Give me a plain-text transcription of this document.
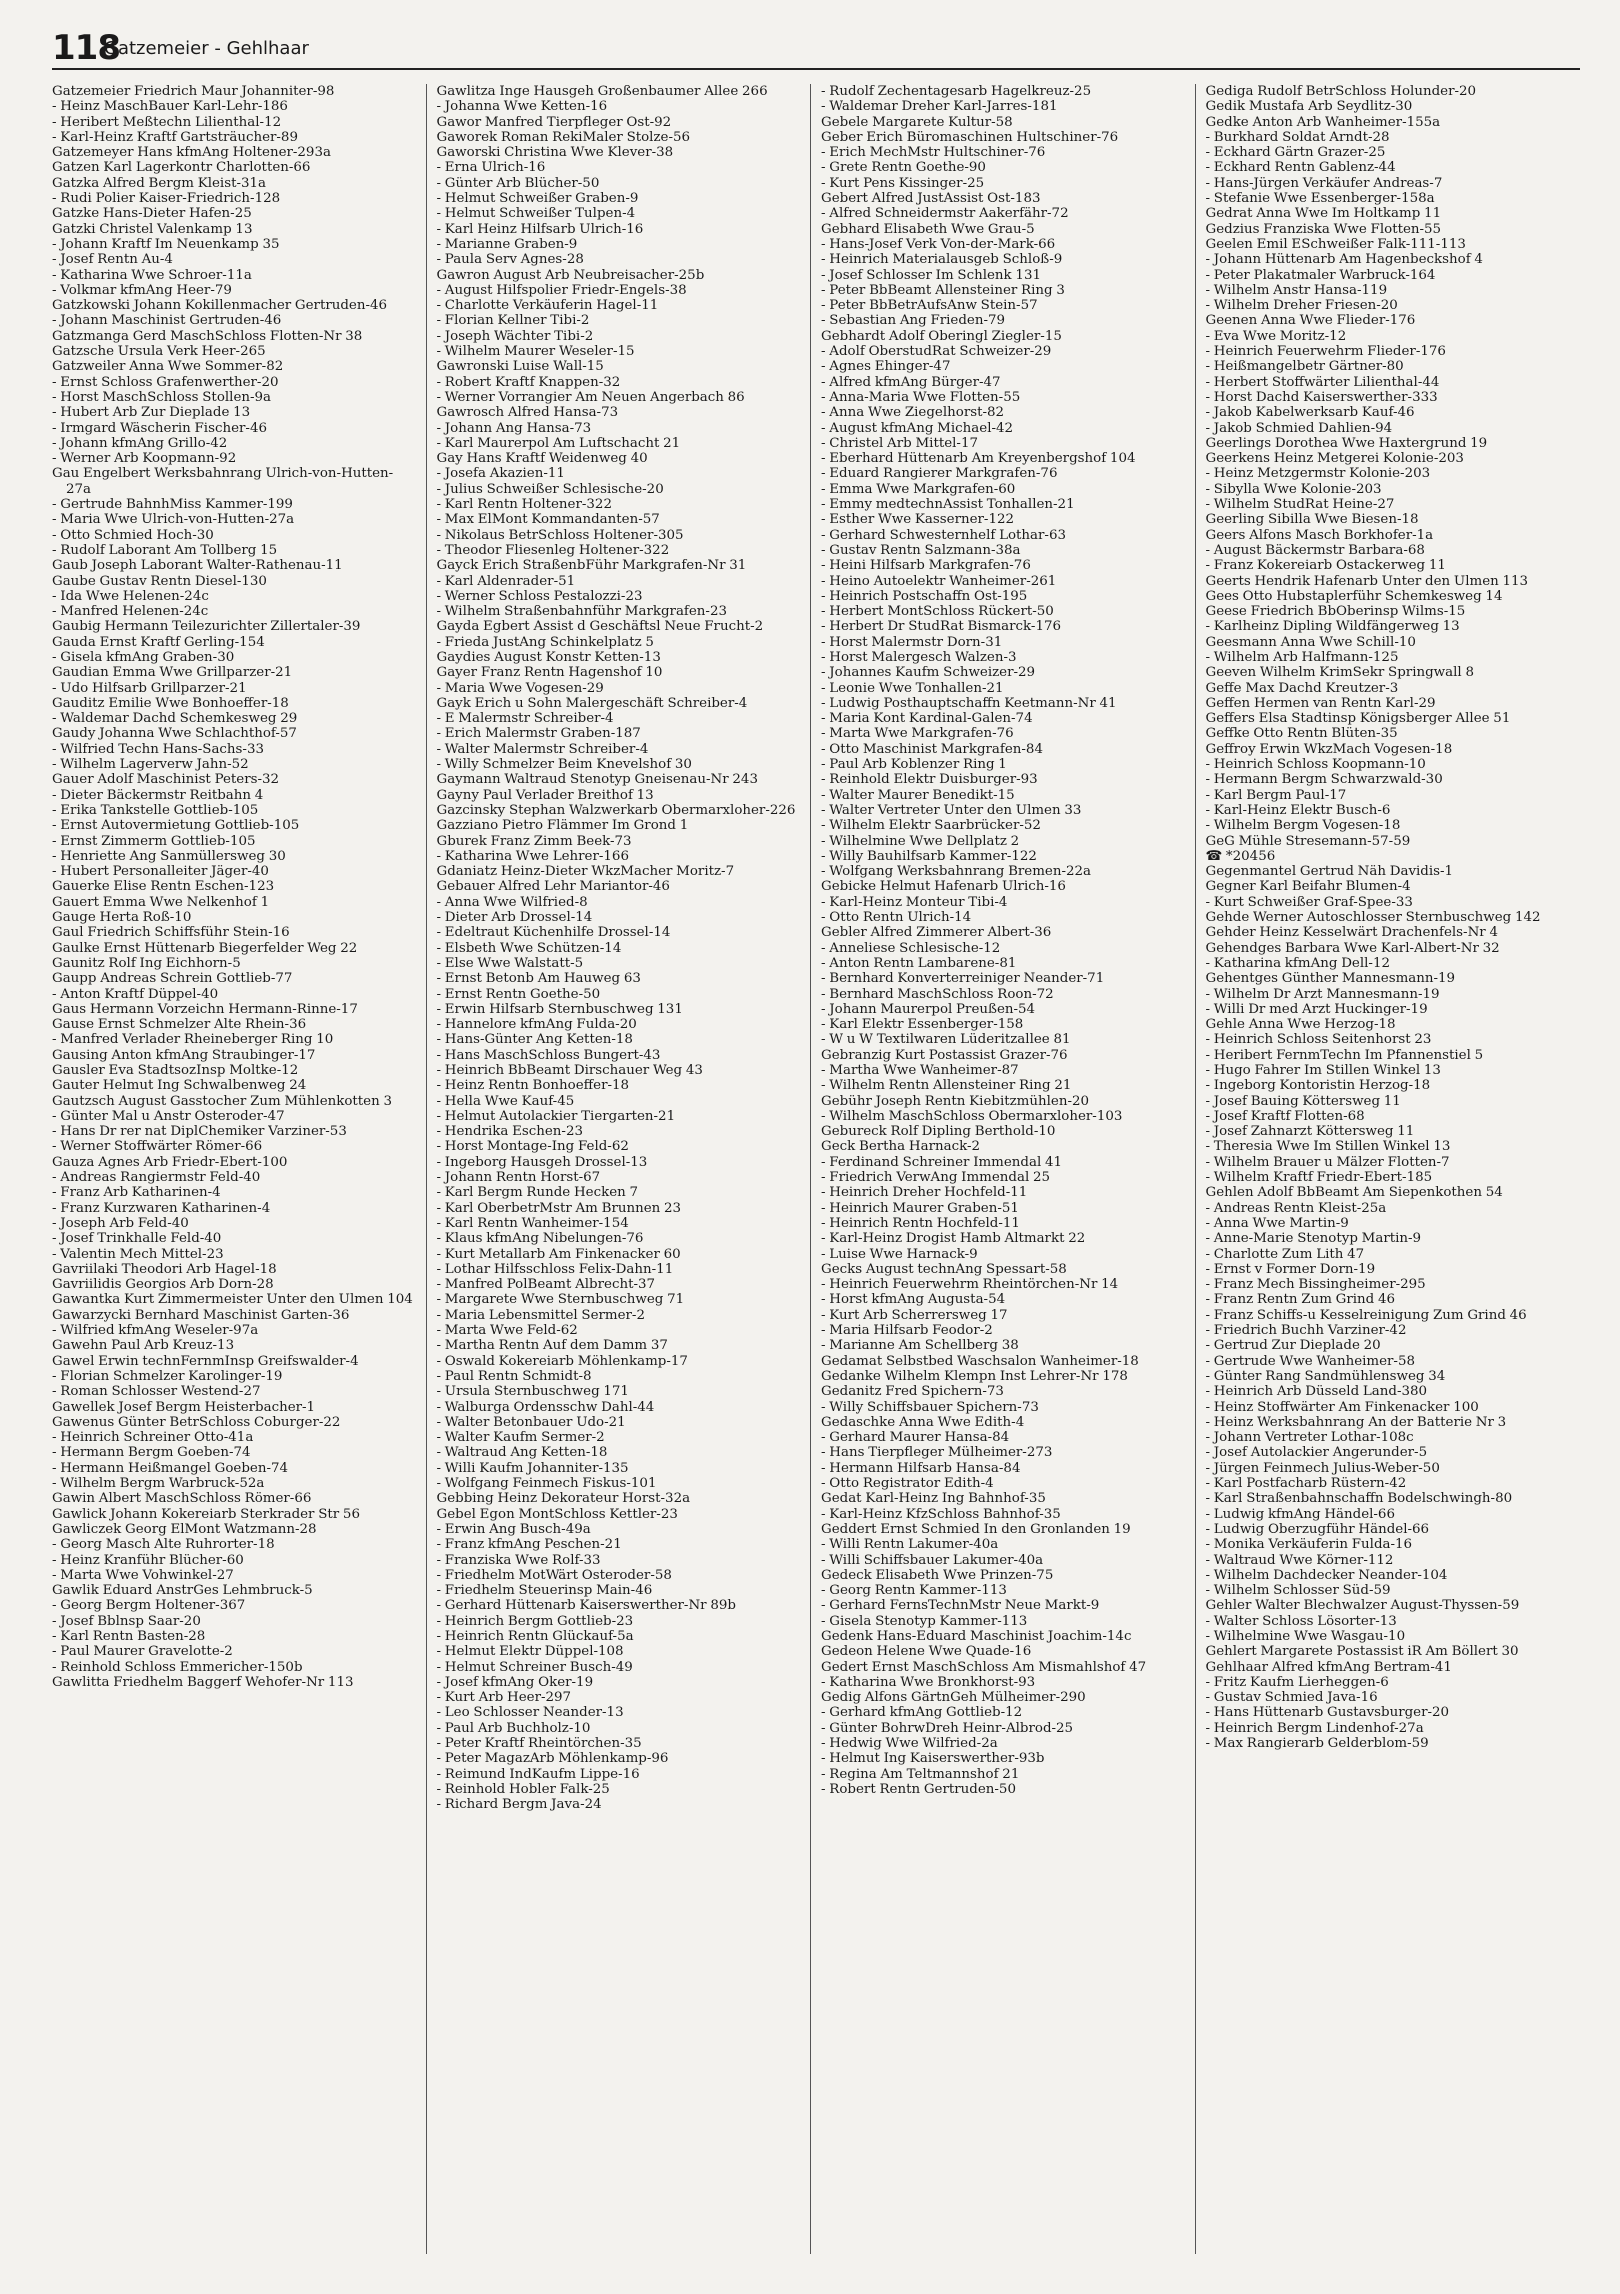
118
Gatzemeier - Gehlhaar
Gatzemeier Friedrich Maur Johanniter-98
- Heinz MaschBauer Karl-Lehr-186
- Heribert Meßtechn Lilienthal-12
- Karl-Heinz Kraftf Gartsträucher-89
Gatzemeyer Hans kfmAng Holtener-293a
Gatzen Karl Lagerkontr Charlotten-66
Gatzka Alfred Bergm Kleist-31a
- Rudi Polier Kaiser-Friedrich-128
Gatzke Hans-Dieter Hafen-25
Gatzki Christel Valenkamp 13
- Johann Kraftf Im Neuenkamp 35
- Josef Rentn Au-4
- Katharina Wwe Schroer-11a
- Volkmar kfmAng Heer-79
Gatzkowski Johann Kokillenmacher Gertruden-46
- Johann Maschinist Gertruden-46
Gatzmanga Gerd MaschSchloss Flotten-Nr 38
Gatzsche Ursula Verk Heer-265
Gatzweiler Anna Wwe Sommer-82
- Ernst Schloss Grafenwerther-20
- Horst MaschSchloss Stollen-9a
- Hubert Arb Zur Dieplade 13
- Irmgard Wäscherin Fischer-46
- Johann kfmAng Grillo-42
- Werner Arb Koopmann-92
Gau Engelbert Werksbahnrang Ulrich-von-Hutten-27a
- Gertrude BahnhMiss Kammer-199
- Maria Wwe Ulrich-von-Hutten-27a
- Otto Schmied Hoch-30
- Rudolf Laborant Am Tollberg 15
Gaub Joseph Laborant Walter-Rathenau-11
Gaube Gustav Rentn Diesel-130
- Ida Wwe Helenen-24c
- Manfred Helenen-24c
Gaubig Hermann Teilezurichter Zillertaler-39
Gauda Ernst Kraftf Gerling-154
- Gisela kfmAng Graben-30
Gaudian Emma Wwe Grillparzer-21
- Udo Hilfsarb Grillparzer-21
Gauditz Emilie Wwe Bonhoeffer-18
- Waldemar Dachd Schemkesweg 29
Gaudy Johanna Wwe Schlachthof-57
- Wilfried Techn Hans-Sachs-33
- Wilhelm Lagerverw Jahn-52
Gauer Adolf Maschinist Peters-32
- Dieter Bäckermstr Reitbahn 4
- Erika Tankstelle Gottlieb-105
- Ernst Autovermietung Gottlieb-105
- Ernst Zimmerm Gottlieb-105
- Henriette Ang Sanmüllersweg 30
- Hubert Personalleiter Jäger-40
Gauerke Elise Rentn Eschen-123
Gauert Emma Wwe Nelkenhof 1
Gauge Herta Roß-10
Gaul Friedrich Schiffsführ Stein-16
Gaulke Ernst Hüttenarb Biegerfelder Weg 22
Gaunitz Rolf Ing Eichhorn-5
Gaupp Andreas Schrein Gottlieb-77
- Anton Kraftf Düppel-40
Gaus Hermann Vorzeichn Hermann-Rinne-17
Gause Ernst Schmelzer Alte Rhein-36
- Manfred Verlader Rheineberger Ring 10
Gausing Anton kfmAng Straubinger-17
Gausler Eva StadtsozInsp Moltke-12
Gauter Helmut Ing Schwalbenweg 24
Gautzsch August Gasstocher Zum Mühlenkotten 3
- Günter Mal u Anstr Osteroder-47
- Hans Dr rer nat DiplChemiker Varziner-53
- Werner Stoffwärter Römer-66
Gauza Agnes Arb Friedr-Ebert-100
- Andreas Rangiermstr Feld-40
- Franz Arb Katharinen-4
- Franz Kurzwaren Katharinen-4
- Joseph Arb Feld-40
- Josef Trinkhalle Feld-40
- Valentin Mech Mittel-23
Gavriilaki Theodori Arb Hagel-18
Gavriilidis Georgios Arb Dorn-28
Gawantka Kurt Zimmermeister Unter den Ulmen 104
Gawarzycki Bernhard Maschinist Garten-36
- Wilfried kfmAng Weseler-97a
Gawehn Paul Arb Kreuz-13
Gawel Erwin technFernmInsp Greifswalder-4
- Florian Schmelzer Karolinger-19
- Roman Schlosser Westend-27
Gawellek Josef Bergm Heisterbacher-1
Gawenus Günter BetrSchloss Coburger-22
- Heinrich Schreiner Otto-41a
- Hermann Bergm Goeben-74
- Hermann Heißmangel Goeben-74
- Wilhelm Bergm Warbruck-52a
Gawin Albert MaschSchloss Römer-66
Gawlick Johann Kokereiarb Sterkrader Str 56
Gawliczek Georg ElMont Watzmann-28
- Georg Masch Alte Ruhrorter-18
- Heinz Kranführ Blücher-60
- Marta Wwe Vohwinkel-27
Gawlik Eduard AnstrGes Lehmbruck-5
- Georg Bergm Holtener-367
- Josef Bblnsp Saar-20
- Karl Rentn Basten-28
- Paul Maurer Gravelotte-2
- Reinhold Schloss Emmericher-150b
Gawlitta Friedhelm Baggerf Wehofer-Nr 113
Gawlitza Inge Hausgeh Großenbaumer Allee 266
- Johanna Wwe Ketten-16
Gawor Manfred Tierpfleger Ost-92
Gaworek Roman RekiMaler Stolze-56
Gaworski Christina Wwe Klever-38
- Erna Ulrich-16
- Günter Arb Blücher-50
- Helmut Schweißer Graben-9
- Helmut Schweißer Tulpen-4
- Karl Heinz Hilfsarb Ulrich-16
- Marianne Graben-9
- Paula Serv Agnes-28
Gawron August Arb Neubreisacher-25b
- August Hilfspolier Friedr-Engels-38
- Charlotte Verkäuferin Hagel-11
- Florian Kellner Tibi-2
- Joseph Wächter Tibi-2
- Wilhelm Maurer Weseler-15
Gawronski Luise Wall-15
- Robert Kraftf Knappen-32
- Werner Vorrangier Am Neuen Angerbach 86
Gawrosch Alfred Hansa-73
- Johann Ang Hansa-73
- Karl Maurerpol Am Luftschacht 21
Gay Hans Kraftf Weidenweg 40
- Josefa Akazien-11
- Julius Schweißer Schlesische-20
- Karl Rentn Holtener-322
- Max ElMont Kommandanten-57
- Nikolaus BetrSchloss Holtener-305
- Theodor Fliesenleg Holtener-322
Gayck Erich StraßenbFühr Markgrafen-Nr 31
- Karl Aldenrader-51
- Werner Schloss Pestalozzi-23
- Wilhelm Straßenbahnführ Markgrafen-23
Gayda Egbert Assist d Geschäftsl Neue Frucht-2
- Frieda JustAng Schinkelplatz 5
Gaydies August Konstr Ketten-13
Gayer Franz Rentn Hagenshof 10
- Maria Wwe Vogesen-29
Gayk Erich u Sohn Malergeschäft Schreiber-4
- E Malermstr Schreiber-4
- Erich Malermstr Graben-187
- Walter Malermstr Schreiber-4
- Willy Schmelzer Beim Knevelshof 30
Gaymann Waltraud Stenotyp Gneisenau-Nr 243
Gayny Paul Verlader Breithof 13
Gazcinsky Stephan Walzwerkarb Obermarxloher-226
Gazziano Pietro Flämmer Im Grond 1
Gburek Franz Zimm Beek-73
- Katharina Wwe Lehrer-166
Gdaniatz Heinz-Dieter WkzMacher Moritz-7
Gebauer Alfred Lehr Mariantor-46
- Anna Wwe Wilfried-8
- Dieter Arb Drossel-14
- Edeltraut Küchenhilfe Drossel-14
- Elsbeth Wwe Schützen-14
- Else Wwe Walstatt-5
- Ernst Betonb Am Hauweg 63
- Ernst Rentn Goethe-50
- Erwin Hilfsarb Sternbuschweg 131
- Hannelore kfmAng Fulda-20
- Hans-Günter Ang Ketten-18
- Hans MaschSchloss Bungert-43
- Heinrich BbBeamt Dirschauer Weg 43
- Heinz Rentn Bonhoeffer-18
- Hella Wwe Kauf-45
- Helmut Autolackier Tiergarten-21
- Hendrika Eschen-23
- Horst Montage-Ing Feld-62
- Ingeborg Hausgeh Drossel-13
- Johann Rentn Horst-67
- Karl Bergm Runde Hecken 7
- Karl OberbetrMstr Am Brunnen 23
- Karl Rentn Wanheimer-154
- Klaus kfmAng Nibelungen-76
- Kurt Metallarb Am Finkenacker 60
- Lothar Hilfsschloss Felix-Dahn-11
- Manfred PolBeamt Albrecht-37
- Margarete Wwe Sternbuschweg 71
- Maria Lebensmittel Sermer-2
- Marta Wwe Feld-62
- Martha Rentn Auf dem Damm 37
- Oswald Kokereiarb Möhlenkamp-17
- Paul Rentn Schmidt-8
- Ursula Sternbuschweg 171
- Walburga Ordensschw Dahl-44
- Walter Betonbauer Udo-21
- Walter Kaufm Sermer-2
- Waltraud Ang Ketten-18
- Willi Kaufm Johanniter-135
- Wolfgang Feinmech Fiskus-101
Gebbing Heinz Dekorateur Horst-32a
Gebel Egon MontSchloss Kettler-23
- Erwin Ang Busch-49a
- Franz kfmAng Peschen-21
- Franziska Wwe Rolf-33
- Friedhelm MotWärt Osteroder-58
- Friedhelm Steuerinsp Main-46
- Gerhard Hüttenarb Kaiserswerther-Nr 89b
- Heinrich Bergm Gottlieb-23
- Heinrich Rentn Glückauf-5a
- Helmut Elektr Düppel-108
- Helmut Schreiner Busch-49
- Josef kfmAng Oker-19
- Kurt Arb Heer-297
- Leo Schlosser Neander-13
- Paul Arb Buchholz-10
- Peter Kraftf Rheintörchen-35
- Peter MagazArb Möhlenkamp-96
- Reimund IndKaufm Lippe-16
- Reinhold Hobler Falk-25
- Richard Bergm Java-24
- Rudolf Zechentagesarb Hagelkreuz-25
- Waldemar Dreher Karl-Jarres-181
Gebele Margarete Kultur-58
Geber Erich Büromaschinen Hultschiner-76
- Erich MechMstr Hultschiner-76
- Grete Rentn Goethe-90
- Kurt Pens Kissinger-25
Gebert Alfred JustAssist Ost-183
- Alfred Schneidermstr Aakerfähr-72
Gebhard Elisabeth Wwe Grau-5
- Hans-Josef Verk Von-der-Mark-66
- Heinrich Materialausgeb Schloß-9
- Josef Schlosser Im Schlenk 131
- Peter BbBeamt Allensteiner Ring 3
- Peter BbBetrAufsAnw Stein-57
- Sebastian Ang Frieden-79
Gebhardt Adolf Oberingl Ziegler-15
- Adolf OberstudRat Schweizer-29
- Agnes Ehinger-47
- Alfred kfmAng Bürger-47
- Anna-Maria Wwe Flotten-55
- Anna Wwe Ziegelhorst-82
- August kfmAng Michael-42
- Christel Arb Mittel-17
- Eberhard Hüttenarb Am Kreyenbergshof 104
- Eduard Rangierer Markgrafen-76
- Emma Wwe Markgrafen-60
- Emmy medtechnAssist Tonhallen-21
- Esther Wwe Kasserner-122
- Gerhard Schwesternhelf Lothar-63
- Gustav Rentn Salzmann-38a
- Heini Hilfsarb Markgrafen-76
- Heino Autoelektr Wanheimer-261
- Heinrich Postschaffn Ost-195
- Herbert MontSchloss Rückert-50
- Herbert Dr StudRat Bismarck-176
- Horst Malermstr Dorn-31
- Horst Malergesch Walzen-3
- Johannes Kaufm Schweizer-29
- Leonie Wwe Tonhallen-21
- Ludwig Posthauptschaffn Keetmann-Nr 41
- Maria Kont Kardinal-Galen-74
- Marta Wwe Markgrafen-76
- Otto Maschinist Markgrafen-84
- Paul Arb Koblenzer Ring 1
- Reinhold Elektr Duisburger-93
- Walter Maurer Benedikt-15
- Walter Vertreter Unter den Ulmen 33
- Wilhelm Elektr Saarbrücker-52
- Wilhelmine Wwe Dellplatz 2
- Willy Bauhilfsarb Kammer-122
- Wolfgang Werksbahnrang Bremen-22a
Gebicke Helmut Hafenarb Ulrich-16
- Karl-Heinz Monteur Tibi-4
- Otto Rentn Ulrich-14
Gebler Alfred Zimmerer Albert-36
- Anneliese Schlesische-12
- Anton Rentn Lambarene-81
- Bernhard Konverterreiniger Neander-71
- Bernhard MaschSchloss Roon-72
- Johann Maurerpol Preußen-54
- Karl Elektr Essenberger-158
- W u W Textilwaren Lüderitzallee 81
Gebranzig Kurt Postassist Grazer-76
- Martha Wwe Wanheimer-87
- Wilhelm Rentn Allensteiner Ring 21
Gebühr Joseph Rentn Kiebitzmühlen-20
- Wilhelm MaschSchloss Obermarxloher-103
Gebureck Rolf Dipling Berthold-10
Geck Bertha Harnack-2
- Ferdinand Schreiner Immendal 41
- Friedrich VerwAng Immendal 25
- Heinrich Dreher Hochfeld-11
- Heinrich Maurer Graben-51
- Heinrich Rentn Hochfeld-11
- Karl-Heinz Drogist Hamb Altmarkt 22
- Luise Wwe Harnack-9
Gecks August technAng Spessart-58
- Heinrich Feuerwehrm Rheintörchen-Nr 14
- Horst kfmAng Augusta-54
- Kurt Arb Scherrersweg 17
- Maria Hilfsarb Feodor-2
- Marianne Am Schellberg 38
Gedamat Selbstbed Waschsalon Wanheimer-18
Gedanke Wilhelm Klempn Inst Lehrer-Nr 178
Gedanitz Fred Spichern-73
- Willy Schiffsbauer Spichern-73
Gedaschke Anna Wwe Edith-4
- Gerhard Maurer Hansa-84
- Hans Tierpfleger Mülheimer-273
- Hermann Hilfsarb Hansa-84
- Otto Registrator Edith-4
Gedat Karl-Heinz Ing Bahnhof-35
- Karl-Heinz KfzSchloss Bahnhof-35
Geddert Ernst Schmied In den Gronlanden 19
- Willi Rentn Lakumer-40a
- Willi Schiffsbauer Lakumer-40a
Gedeck Elisabeth Wwe Prinzen-75
- Georg Rentn Kammer-113
- Gerhard FernsTechnMstr Neue Markt-9
- Gisela Stenotyp Kammer-113
Gedenk Hans-Eduard Maschinist Joachim-14c
Gedeon Helene Wwe Quade-16
Gedert Ernst MaschSchloss Am Mismahlshof 47
- Katharina Wwe Bronkhorst-93
Gedig Alfons GärtnGeh Mülheimer-290
- Gerhard kfmAng Gottlieb-12
- Günter BohrwDreh Heinr-Albrod-25
- Hedwig Wwe Wilfried-2a
- Helmut Ing Kaiserswerther-93b
- Regina Am Teltmannshof 21
- Robert Rentn Gertruden-50
Gediga Rudolf BetrSchloss Holunder-20
Gedik Mustafa Arb Seydlitz-30
Gedke Anton Arb Wanheimer-155a
- Burkhard Soldat Arndt-28
- Eckhard Gärtn Grazer-25
- Eckhard Rentn Gablenz-44
- Hans-Jürgen Verkäufer Andreas-7
- Stefanie Wwe Essenberger-158a
Gedrat Anna Wwe Im Holtkamp 11
Gedzius Franziska Wwe Flotten-55
Geelen Emil ESchweißer Falk-111-113
- Johann Hüttenarb Am Hagenbeckshof 4
- Peter Plakatmaler Warbruck-164
- Wilhelm Anstr Hansa-119
- Wilhelm Dreher Friesen-20
Geenen Anna Wwe Flieder-176
- Eva Wwe Moritz-12
- Heinrich Feuerwehrm Flieder-176
- Heißmangelbetr Gärtner-80
- Herbert Stoffwärter Lilienthal-44
- Horst Dachd Kaiserswerther-333
- Jakob Kabelwerksarb Kauf-46
- Jakob Schmied Dahlien-94
Geerlings Dorothea Wwe Haxtergrund 19
Geerkens Heinz Metgerei Kolonie-203
- Heinz Metzgermstr Kolonie-203
- Sibylla Wwe Kolonie-203
- Wilhelm StudRat Heine-27
Geerling Sibilla Wwe Biesen-18
Geers Alfons Masch Borkhofer-1a
- August Bäckermstr Barbara-68
- Franz Kokereiarb Ostackerweg 11
Geerts Hendrik Hafenarb Unter den Ulmen 113
Gees Otto Hubstaplerführ Schemkesweg 14
Geese Friedrich BbOberinsp Wilms-15
- Karlheinz Dipling Wildfängerweg 13
Geesmann Anna Wwe Schill-10
- Wilhelm Arb Halfmann-125
Geeven Wilhelm KrimSekr Springwall 8
Geffe Max Dachd Kreutzer-3
Geffen Hermen van Rentn Karl-29
Geffers Elsa Stadtinsp Königsberger Allee 51
Geffke Otto Rentn Blüten-35
Geffroy Erwin WkzMach Vogesen-18
- Heinrich Schloss Koopmann-10
- Hermann Bergm Schwarzwald-30
- Karl Bergm Paul-17
- Karl-Heinz Elektr Busch-6
- Wilhelm Bergm Vogesen-18
GeG Mühle Stresemann-57-59
☎ *20456
Gegenmantel Gertrud Näh Davidis-1
Gegner Karl Beifahr Blumen-4
- Kurt Schweißer Graf-Spee-33
Gehde Werner Autoschlosser Sternbuschweg 142
Gehder Heinz Kesselwärt Drachenfels-Nr 4
Gehendges Barbara Wwe Karl-Albert-Nr 32
- Katharina kfmAng Dell-12
Gehentges Günther Mannesmann-19
- Wilhelm Dr Arzt Mannesmann-19
- Willi Dr med Arzt Huckinger-19
Gehle Anna Wwe Herzog-18
- Heinrich Schloss Seitenhorst 23
- Heribert FernmTechn Im Pfannenstiel 5
- Hugo Fahrer Im Stillen Winkel 13
- Ingeborg Kontoristin Herzog-18
- Josef Bauing Köttersweg 11
- Josef Kraftf Flotten-68
- Josef Zahnarzt Köttersweg 11
- Theresia Wwe Im Stillen Winkel 13
- Wilhelm Brauer u Mälzer Flotten-7
- Wilhelm Kraftf Friedr-Ebert-185
Gehlen Adolf BbBeamt Am Siepenkothen 54
- Andreas Rentn Kleist-25a
- Anna Wwe Martin-9
- Anne-Marie Stenotyp Martin-9
- Charlotte Zum Lith 47
- Ernst v Former Dorn-19
- Franz Mech Bissingheimer-295
- Franz Rentn Zum Grind 46
- Franz Schiffs-u Kesselreinigung Zum Grind 46
- Friedrich Buchh Varziner-42
- Gertrud Zur Dieplade 20
- Gertrude Wwe Wanheimer-58
- Günter Rang Sandmühlensweg 34
- Heinrich Arb Düsseld Land-380
- Heinz Stoffwärter Am Finkenacker 100
- Heinz Werksbahnrang An der Batterie Nr 3
- Johann Vertreter Lothar-108c
- Josef Autolackier Angerunder-5
- Jürgen Feinmech Julius-Weber-50
- Karl Postfacharb Rüstern-42
- Karl Straßenbahnschaffn Bodelschwingh-80
- Ludwig kfmAng Händel-66
- Ludwig Oberzugführ Händel-66
- Monika Verkäuferin Fulda-16
- Waltraud Wwe Körner-112
- Wilhelm Dachdecker Neander-104
- Wilhelm Schlosser Süd-59
Gehler Walter Blechwalzer August-Thyssen-59
- Walter Schloss Lösorter-13
- Wilhelmine Wwe Wasgau-10
Gehlert Margarete Postassist iR Am Böllert 30
Gehlhaar Alfred kfmAng Bertram-41
- Fritz Kaufm Lierheggen-6
- Gustav Schmied Java-16
- Hans Hüttenarb Gustavsburger-20
- Heinrich Bergm Lindenhof-27a
- Max Rangierarb Gelderblom-59
